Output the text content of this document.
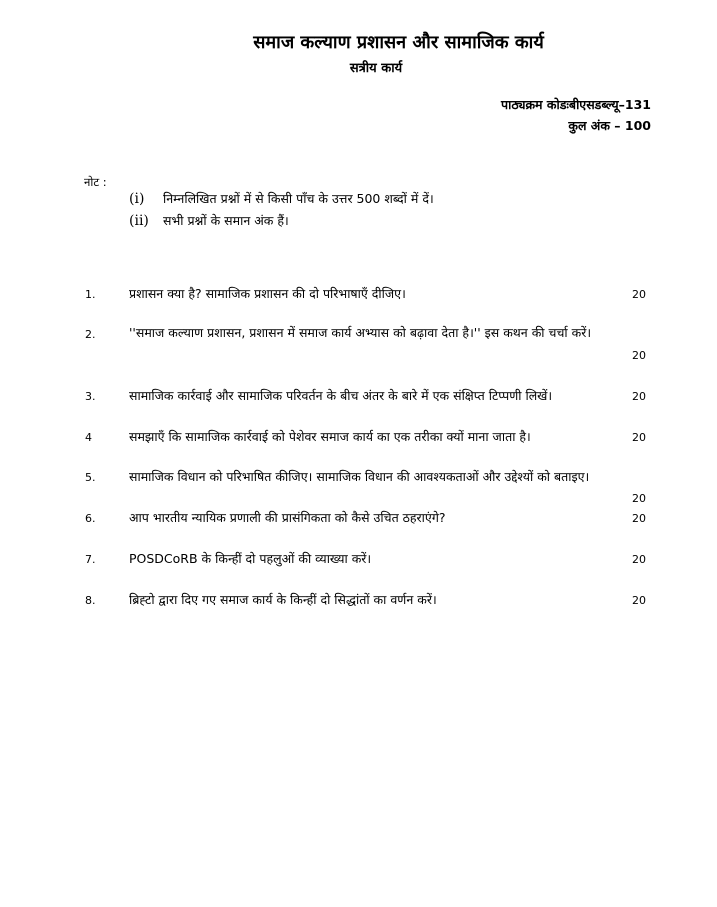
समाज कल्याण प्रशासन और सामाजिक कार्य
सत्रीय कार्य
पाठ्यक्रम कोडःबीएसडब्ल्यू–131
कुल अंक – 100
नोट :
(i) निम्नलिखित प्रश्नों में से किसी पाँच के उत्तर 500 शब्दों में दें।
(ii) सभी प्रश्नों के समान अंक हैं।
1.	प्रशासन क्या है? सामाजिक प्रशासन की दो परिभाषाएँ दीजिए।	20
2.	''समाज कल्याण प्रशासन, प्रशासन में समाज कार्य अभ्यास को बढ़ावा देता है।'' इस कथन की चर्चा करें।
20
3.	सामाजिक कार्रवाई और सामाजिक परिवर्तन के बीच अंतर के बारे में एक संक्षिप्त टिप्पणी लिखें।	20
4	समझाएँ कि सामाजिक कार्रवाई को पेशेवर समाज कार्य का एक तरीका क्यों माना जाता है।	20
5.	सामाजिक विधान को परिभाषित कीजिए। सामाजिक विधान की आवश्यकताओं और उद्देश्यों को बताइए।
20
6.	आप भारतीय न्यायिक प्रणाली की प्रासंगिकता को कैसे उचित ठहराएंगे?	20
7.	POSDCoRB के किन्हीं दो पहलुओं की व्याख्या करें।	20
8.	ब्रिह्टो द्वारा दिए गए समाज कार्य के किन्हीं दो सिद्धांतों का वर्णन करें।	20
